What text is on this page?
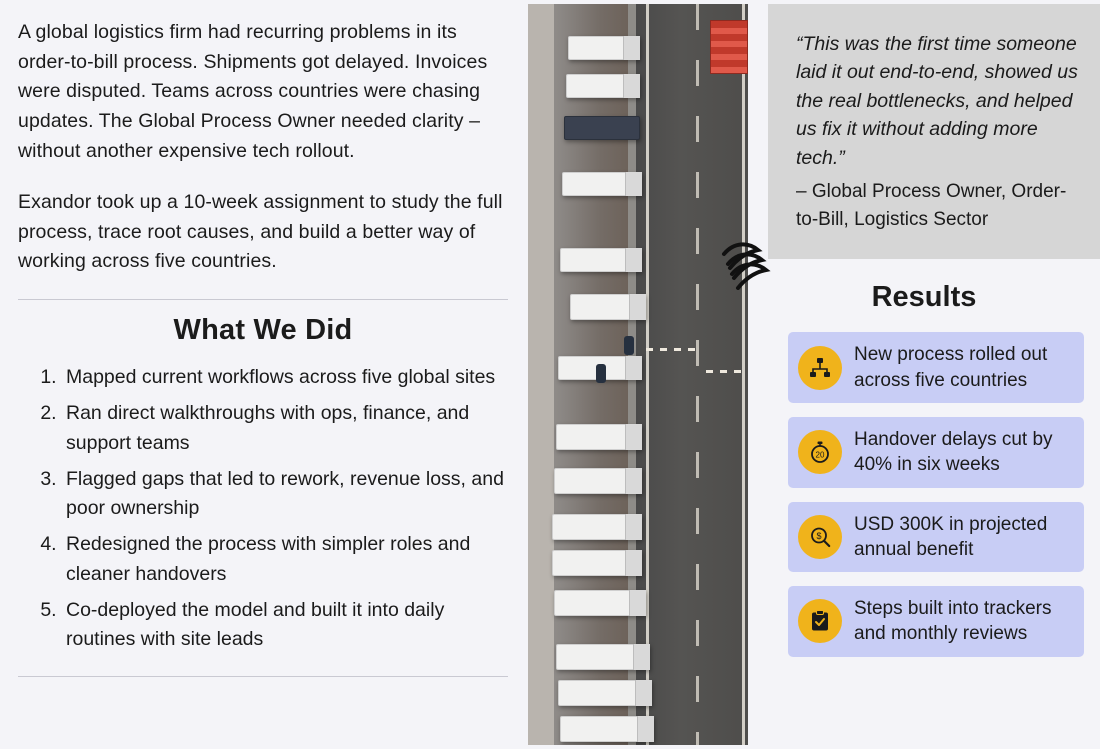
A global logistics firm had recurring problems in its order-to-bill process. Shipments got delayed. Invoices were disputed. Teams across countries were chasing updates. The Global Process Owner needed clarity – without another expensive tech rollout.

Exandor took up a 10-week assignment to study the full process, trace root causes, and build a better way of working across five countries.

What We Did
1. Mapped current workflows across five global sites
2. Ran direct walkthroughs with ops, finance, and support teams
3. Flagged gaps that led to rework, revenue loss, and poor ownership
4. Redesigned the process with simpler roles and cleaner handovers
5. Co-deployed the model and built it into daily routines with site leads

“This was the first time someone laid it out end-to-end, showed us the real bottlenecks, and helped us fix it without adding more tech.”

– Global Process Owner, Order-to-Bill, Logistics Sector

Results
New process rolled out across five countries
20
Handover delays cut by 40% in six weeks
$
USD 300K in projected annual benefit
Steps built into trackers and monthly reviews
